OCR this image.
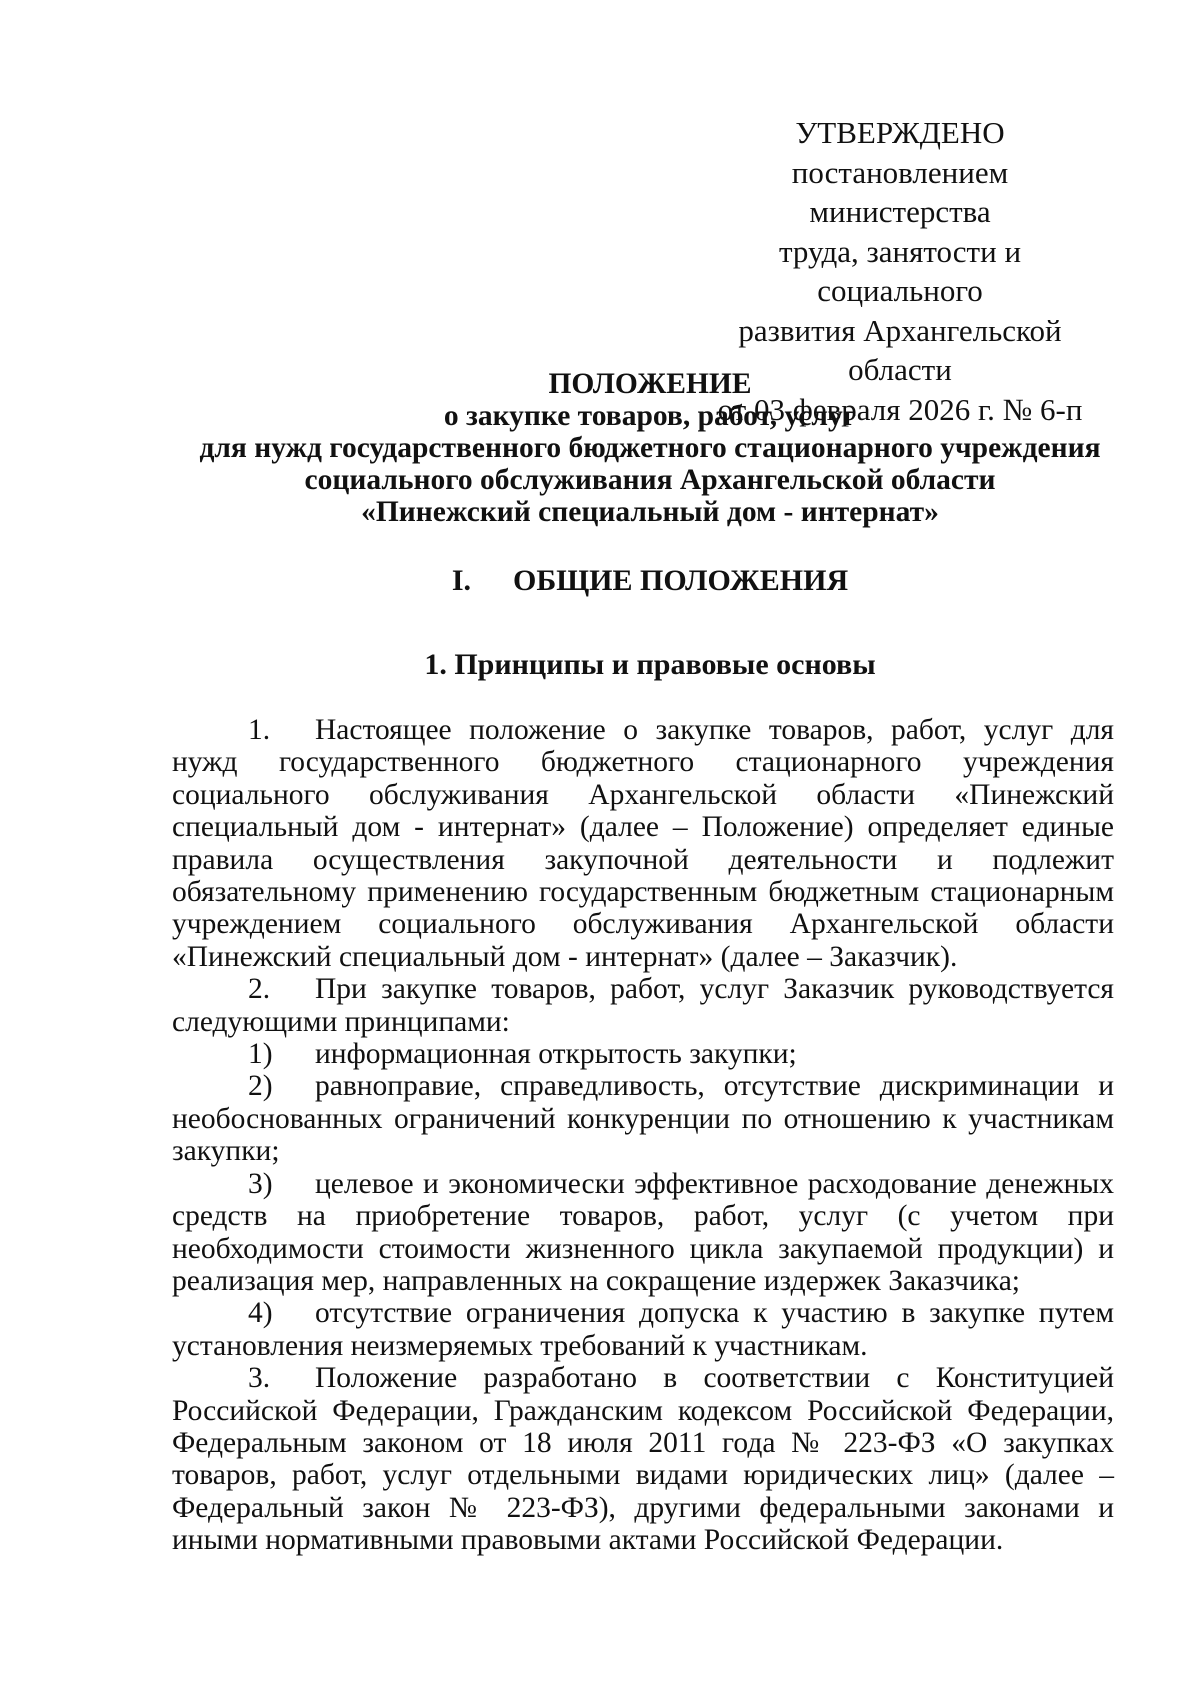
УТВЕРЖДЕНО
постановлением министерства
труда, занятости и социального
развития Архангельской области
от 03 февраля 2026 г. № 6-п
ПОЛОЖЕНИЕ
о закупке товаров, работ, услуг
для нужд государственного бюджетного стационарного учреждения
социального обслуживания Архангельской области
«Пинежский специальный дом - интернат»
I. ОБЩИЕ ПОЛОЖЕНИЯ
1. Принципы и правовые основы

1. Настоящее положение о закупке товаров, работ, услуг для нужд государственного бюджетного стационарного учреждения социального обслуживания Архангельской области «Пинежский специальный дом - интернат» (далее – Положение) определяет единые правила осуществления закупочной деятельности и подлежит обязательному применению государственным бюджетным стационарным учреждением социального обслуживания Архангельской области «Пинежский специальный дом - интернат» (далее – Заказчик).

2. При закупке товаров, работ, услуг Заказчик руководствуется следующими принципами:

1) информационная открытость закупки;

2) равноправие, справедливость, отсутствие дискриминации и необоснованных ограничений конкуренции по отношению к участникам закупки;

3) целевое и экономически эффективное расходование денежных средств на приобретение товаров, работ, услуг (с учетом при необходимости стоимости жизненного цикла закупаемой продукции) и реализация мер, направленных на сокращение издержек Заказчика;

4) отсутствие ограничения допуска к участию в закупке путем установления неизмеряемых требований к участникам.

3. Положение разработано в соответствии с Конституцией Российской Федерации, Гражданским кодексом Российской Федерации, Федеральным законом от 18 июля 2011 года № 223-ФЗ «О закупках товаров, работ, услуг отдельными видами юридических лиц» (далее – Федеральный закон № 223-ФЗ), другими федеральными законами и иными нормативными правовыми актами Российской Федерации.
